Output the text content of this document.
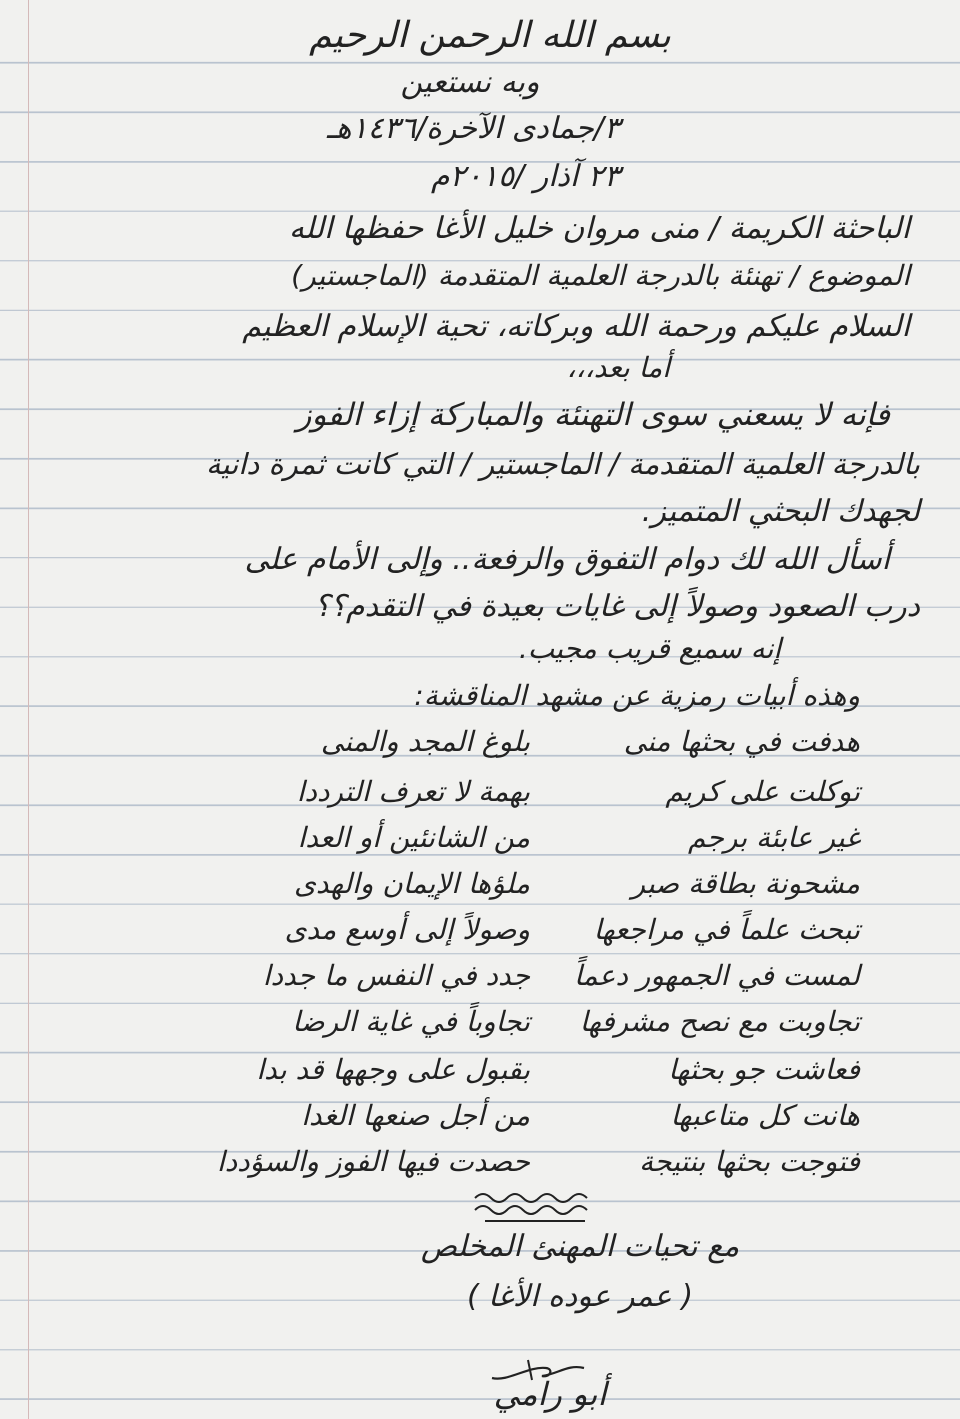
بسم الله الرحمن الرحيم
وبه نستعين
٣/جمادى الآخرة/١٤٣٦هـ
٢٣ آذار /٢٠١٥م
الباحثة الكريمة / منى مروان خليل الأغا حفظها الله
الموضوع / تهنئة بالدرجة العلمية المتقدمة (الماجستير)
السلام عليكم ورحمة الله وبركاته، تحية الإسلام العظيم
أما بعد،،،
فإنه لا يسعني سوى التهنئة والمباركة إزاء الفوز
بالدرجة العلمية المتقدمة / الماجستير / التي كانت ثمرة دانية
لجهدك البحثي المتميز.
أسأل الله لك دوام التفوق والرفعة.. وإلى الأمام على
درب الصعود وصولاً إلى غايات بعيدة في التقدم؟؟
إنه سميع قريب مجيب.
وهذه أبيات رمزية عن مشهد المناقشة:
هدفت في بحثها منى
بلوغ المجد والمنى
توكلت على كريم
بهمة لا تعرف الترددا
غير عابئة برجم
من الشانئين أو العدا
مشحونة بطاقة صبر
ملؤها الإيمان والهدى
تبحث علماً في مراجعها
وصولاً إلى أوسع مدى
لمست في الجمهور دعماً
جدد في النفس ما جددا
تجاوبت مع نصح مشرفها
تجاوباً في غاية الرضا
فعاشت جو بحثها
بقبول على وجهها قد بدا
هانت كل متاعبها
من أجل صنعها الغدا
فتوجت بحثها بنتيجة
حصدت فيها الفوز والسؤددا
مع تحيات المهنئ المخلص
( عمر عوده الأغا )
أبو رامي
